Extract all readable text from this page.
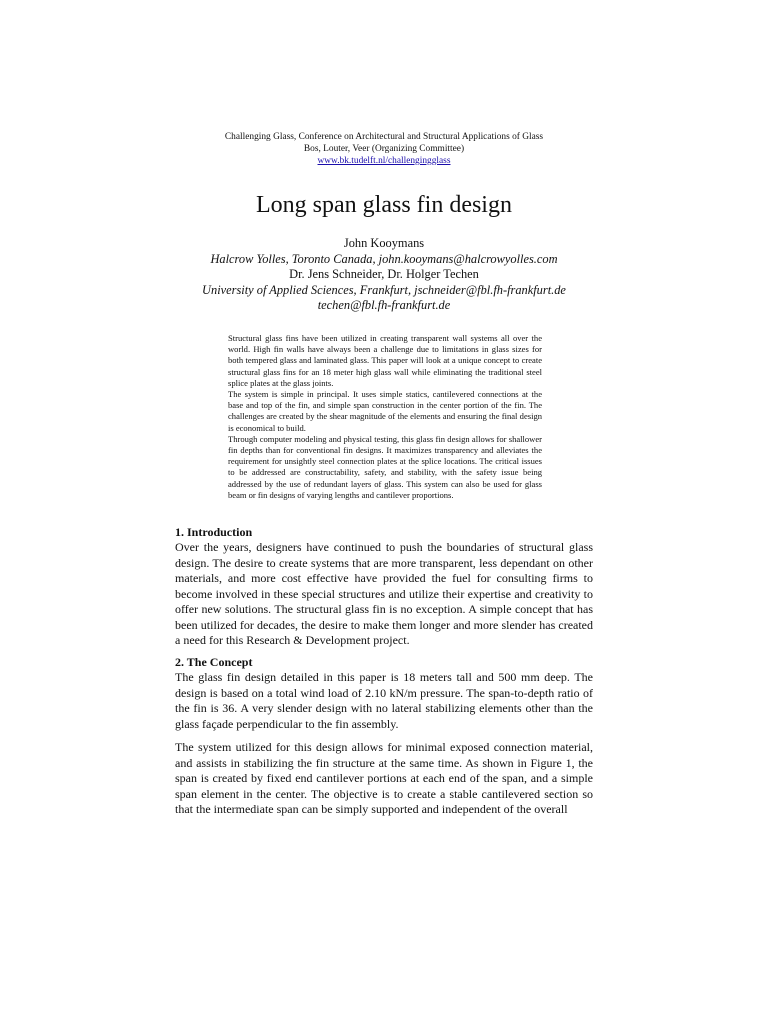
Challenging Glass, Conference on Architectural and Structural Applications of Glass
Bos, Louter, Veer (Organizing Committee)
www.bk.tudelft.nl/challengingglass
Long span glass fin design
John Kooymans
Halcrow Yolles, Toronto Canada, john.kooymans@halcrowyolles.com
Dr. Jens Schneider, Dr. Holger Techen
University of Applied Sciences, Frankfurt, jschneider@fbl.fh-frankfurt.de
techen@fbl.fh-frankfurt.de

Structural glass fins have been utilized in creating transparent wall systems all over the world. High fin walls have always been a challenge due to limitations in glass sizes for both tempered glass and laminated glass. This paper will look at a unique concept to create structural glass fins for an 18 meter high glass wall while eliminating the traditional steel splice plates at the glass joints.

The system is simple in principal. It uses simple statics, cantilevered connections at the base and top of the fin, and simple span construction in the center portion of the fin. The challenges are created by the shear magnitude of the elements and ensuring the final design is economical to build.

Through computer modeling and physical testing, this glass fin design allows for shallower fin depths than for conventional fin designs. It maximizes transparency and alleviates the requirement for unsightly steel connection plates at the splice locations. The critical issues to be addressed are constructability, safety, and stability, with the safety issue being addressed by the use of redundant layers of glass. This system can also be used for glass beam or fin designs of varying lengths and cantilever proportions.

1. Introduction

Over the years, designers have continued to push the boundaries of structural glass design. The desire to create systems that are more transparent, less dependant on other materials, and more cost effective have provided the fuel for consulting firms to become involved in these special structures and utilize their expertise and creativity to offer new solutions. The structural glass fin is no exception. A simple concept that has been utilized for decades, the desire to make them longer and more slender has created a need for this Research & Development project.

2. The Concept

The glass fin design detailed in this paper is 18 meters tall and 500 mm deep. The design is based on a total wind load of 2.10 kN/m pressure. The span-to-depth ratio of the fin is 36. A very slender design with no lateral stabilizing elements other than the glass façade perpendicular to the fin assembly.

The system utilized for this design allows for minimal exposed connection material, and assists in stabilizing the fin structure at the same time. As shown in Figure 1, the span is created by fixed end cantilever portions at each end of the span, and a simple span element in the center. The objective is to create a stable cantilevered section so that the intermediate span can be simply supported and independent of the overall
